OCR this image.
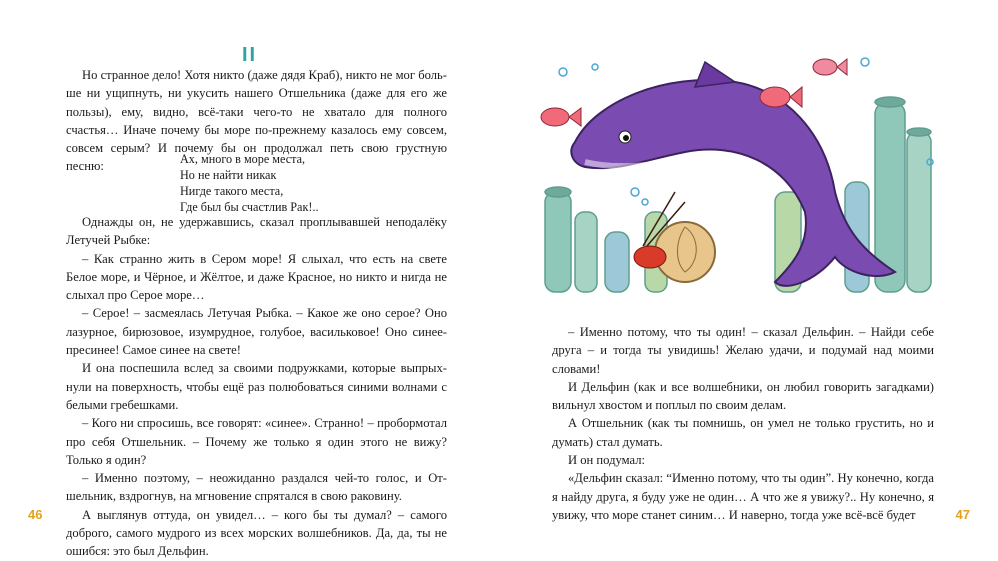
II

Но странное дело! Хотя никто (даже дядя Краб), никто не мог больше ни ущипнуть, ни укусить нашего Отшельника (даже для его же пользы), ему, видно, всё-таки чего-то не хватало для полного счастья… Иначе почему бы море по-прежнему казалось ему совсем, совсем серым? И почему бы он продолжал петь свою грустную песню:

Ах, много в море места,
Но не найти никак
Нигде такого места,
Где был бы счастлив Рак!..

Однажды он, не удержавшись, сказал проплывавшей неподалёку Летучей Рыбке:

– Как странно жить в Сером море! Я слыхал, что есть на свете Белое море, и Чёрное, и Жёлтое, и даже Красное, но никто и нигда не слыхал про Серое море…

– Серое! – засмеялась Летучая Рыбка. – Какое же оно серое? Оно лазурное, бирюзовое, изумрудное, голубое, васильковое! Оно синее-пресинее! Самое синее на свете!

И она поспешила вслед за своими подружками, которые выпрыхнули на поверхность, чтобы ещё раз полюбоваться синими волнами с белыми гребешками.

– Кого ни спросишь, все говорят: «синее». Странно! – пробормотал про себя Отшельник. – Почему же только я один этого не вижу? Только я один?

– Именно поэтому, – неожиданно раздался чей-то голос, и Отшельник, вздрогнув, на мгновение спрятался в свою раковину.

А выглянув оттуда, он увидел… – кого бы ты думал? – самого доброго, самого мудрого из всех морских волшебников. Да, да, ты не ошибся: это был Дельфин.

46

– Именно потому, что ты один! – сказал Дельфин. – Найди себе друга – и тогда ты увидишь! Желаю удачи, и подумай над моими словами!

И Дельфин (как и все волшебники, он любил говорить загадками) вильнул хвостом и поплыл по своим делам.

А Отшельник (как ты помнишь, он умел не только грустить, но и думать) стал думать.

И он подумал:

«Дельфин сказал: “Именно потому, что ты один”. Ну конечно, когда я найду друга, я буду уже не один… А что же я увижу?.. Ну конечно, я увижу, что море станет синим… И наверно, тогда уже всё-всё будет	47
